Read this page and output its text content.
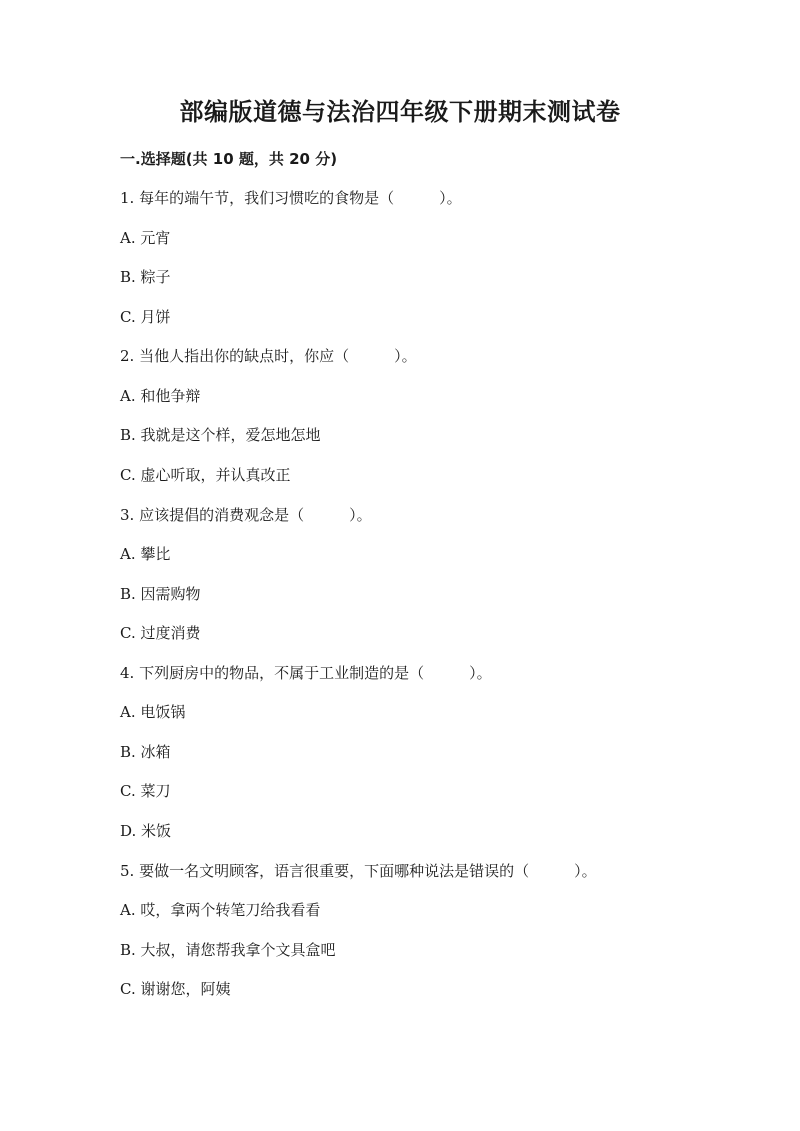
部编版道德与法治四年级下册期末测试卷
一.选择题(共 10 题，共 20 分)
1. 每年的端午节，我们习惯吃的食物是（　　　）。
A. 元宵
B. 粽子
C. 月饼
2. 当他人指出你的缺点时，你应（　　　）。
A. 和他争辩
B. 我就是这个样，爱怎地怎地
C. 虚心听取，并认真改正
3. 应该提倡的消费观念是（　　　）。
A. 攀比
B. 因需购物
C. 过度消费
4. 下列厨房中的物品，不属于工业制造的是（　　　）。
A. 电饭锅
B. 冰箱
C. 菜刀
D. 米饭
5. 要做一名文明顾客，语言很重要，下面哪种说法是错误的（　　　）。
A. 哎，拿两个转笔刀给我看看
B. 大叔，请您帮我拿个文具盒吧
C. 谢谢您，阿姨
